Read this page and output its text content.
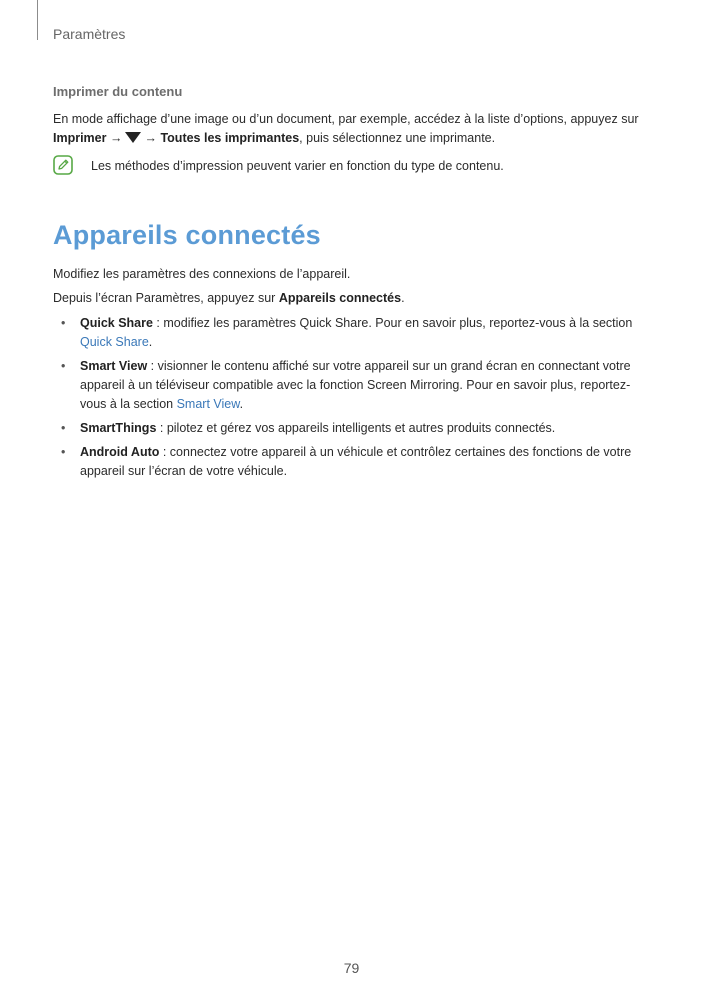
Paramètres
Imprimer du contenu

En mode affichage d’une image ou d’un document, par exemple, accédez à la liste d’options, appuyez sur

Imprimer → → Toutes les imprimantes, puis sélectionnez une imprimante.

Les méthodes d’impression peuvent varier en fonction du type de contenu.
Appareils connectés

Modifiez les paramètres des connexions de l’appareil.

Depuis l’écran Paramètres, appuyez sur Appareils connectés.

• Quick Share : modifiez les paramètres Quick Share. Pour en savoir plus, reportez-vous à la section Quick Share.
• Smart View : visionner le contenu affiché sur votre appareil sur un grand écran en connectant votre appareil à un téléviseur compatible avec la fonction Screen Mirroring. Pour en savoir plus, reportez-vous à la section Smart View.
• SmartThings : pilotez et gérez vos appareils intelligents et autres produits connectés.
• Android Auto : connectez votre appareil à un véhicule et contrôlez certaines des fonctions de votre appareil sur l’écran de votre véhicule.
79
